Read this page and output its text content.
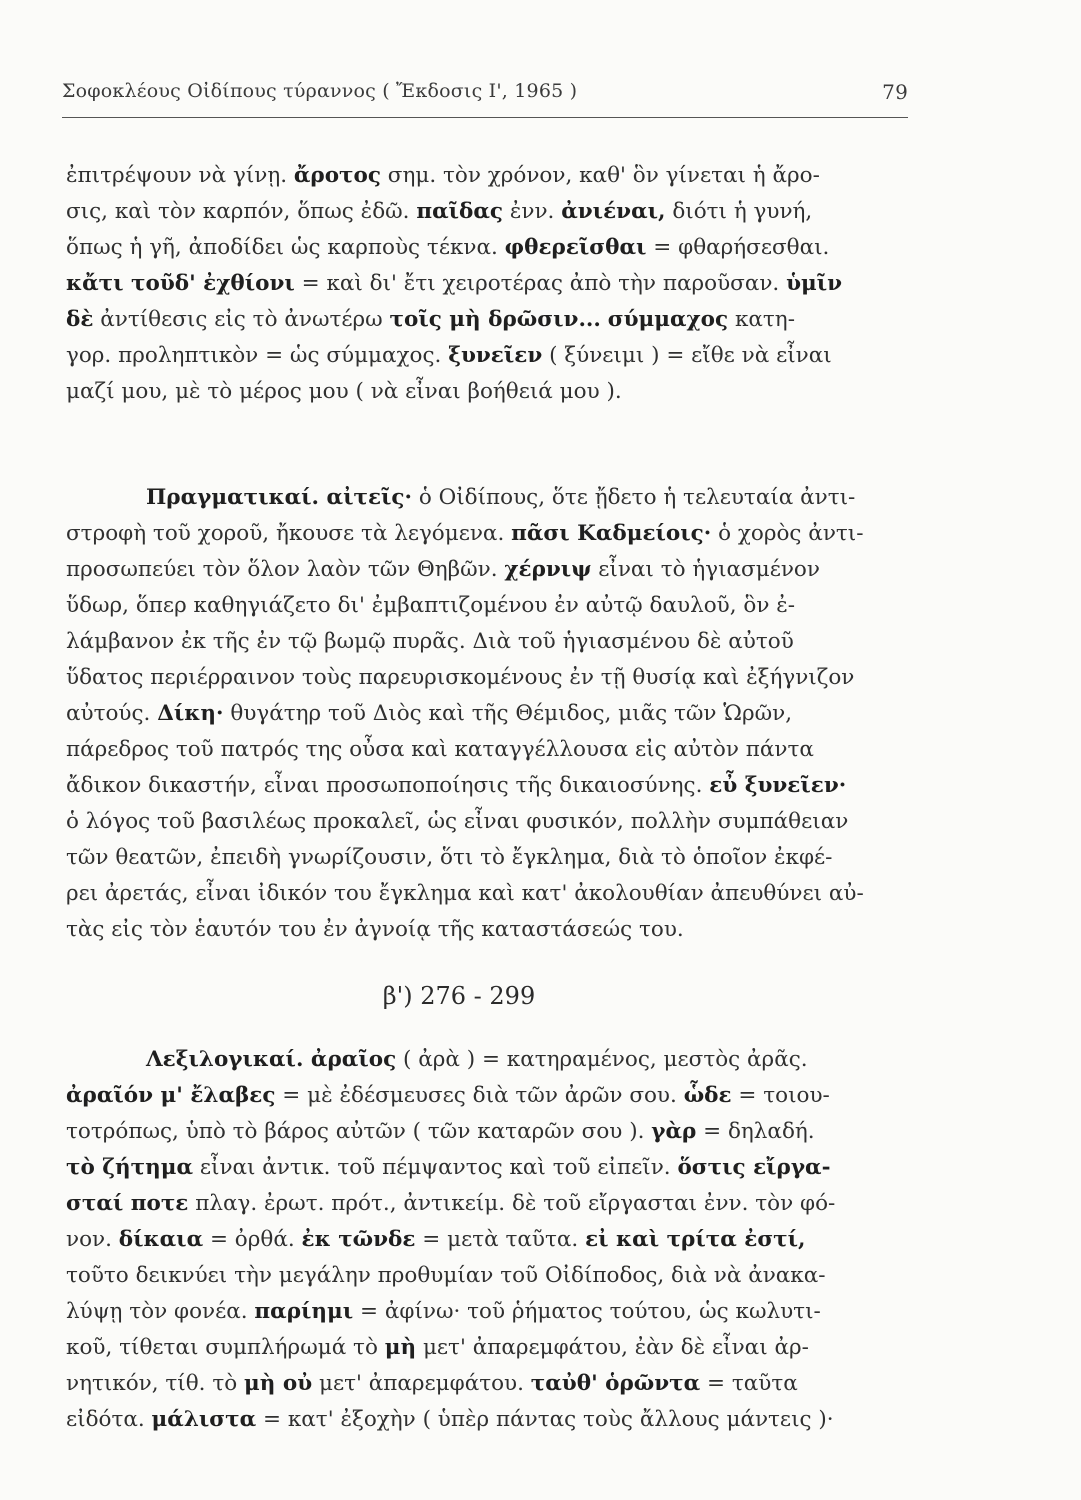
Σοφοκλέους Οἰδίπους τύραννος ( Ἔκδοσις Ι', 1965 )	79
ἐπιτρέψουν νὰ γίνῃ. ἄροτος σημ. τὸν χρόνον, καθ' ὃν γίνεται ἡ ἄρο-
σις, καὶ τὸν καρπόν, ὅπως ἐδῶ. παῖδας ἐνν. ἀνιέναι, διότι ἡ γυνή,
ὅπως ἡ γῆ, ἀποδίδει ὡς καρποὺς τέκνα. φθερεῖσθαι = φθαρήσεσθαι.
κἄτι τοῦδ' ἐχθίονι = καὶ δι' ἔτι χειροτέρας ἀπὸ τὴν παροῦσαν. ὑμῖν
δὲ ἀντίθεσις εἰς τὸ ἀνωτέρω τοῖς μὴ δρῶσιν... σύμμαχος κατη-
γορ. προληπτικὸν = ὡς σύμμαχος. ξυνεῖεν ( ξύνειμι ) = εἴθε νὰ εἶναι
μαζί μου, μὲ τὸ μέρος μου ( νὰ εἶναι βοήθειά μου ).
Πραγματικαί. αἰτεῖς· ὁ Οἰδίπους, ὅτε ᾔδετο ἡ τελευταία ἀντι-
στροφὴ τοῦ χοροῦ, ἤκουσε τὰ λεγόμενα. πᾶσι Καδμείοις· ὁ χορὸς ἀντι-
προσωπεύει τὸν ὅλον λαὸν τῶν Θηβῶν. χέρνιψ εἶναι τὸ ἡγιασμένον
ὕδωρ, ὅπερ καθηγιάζετο δι' ἐμβαπτιζομένου ἐν αὐτῷ δαυλοῦ, ὃν ἐ-
λάμβανον ἐκ τῆς ἐν τῷ βωμῷ πυρᾶς. Διὰ τοῦ ἡγιασμένου δὲ αὐτοῦ
ὕδατος περιέρραινον τοὺς παρευρισκομένους ἐν τῇ θυσίᾳ καὶ ἐξήγνιζον
αὐτούς. Δίκη· θυγάτηρ τοῦ Διὸς καὶ τῆς Θέμιδος, μιᾶς τῶν Ὡρῶν,
πάρεδρος τοῦ πατρός της οὖσα καὶ καταγγέλλουσα εἰς αὐτὸν πάντα
ἄδικον δικαστήν, εἶναι προσωποποίησις τῆς δικαιοσύνης. εὖ ξυνεῖεν·
ὁ λόγος τοῦ βασιλέως προκαλεῖ, ὡς εἶναι φυσικόν, πολλὴν συμπάθειαν
τῶν θεατῶν, ἐπειδὴ γνωρίζουσιν, ὅτι τὸ ἔγκλημα, διὰ τὸ ὁποῖον ἐκφέ-
ρει ἀρετάς, εἶναι ἰδικόν του ἔγκλημα καὶ κατ' ἀκολουθίαν ἀπευθύνει αὐ-
τὰς εἰς τὸν ἑαυτόν του ἐν ἀγνοίᾳ τῆς καταστάσεώς του.
β') 276 - 299
Λεξιλογικαί. ἀραῖος ( ἀρὰ ) = κατηραμένος, μεστὸς ἀρᾶς.
ἀραῖόν μ' ἔλαβες = μὲ ἐδέσμευσες διὰ τῶν ἀρῶν σου. ὧδε = τοιου-
τοτρόπως, ὑπὸ τὸ βάρος αὐτῶν ( τῶν καταρῶν σου ). γὰρ = δηλαδή.
τὸ ζήτημα εἶναι ἀντικ. τοῦ πέμψαντος καὶ τοῦ εἰπεῖν. ὅστις εἴργα-
σταί ποτε πλαγ. ἐρωτ. πρότ., ἀντικείμ. δὲ τοῦ εἴργασται ἐνν. τὸν φό-
νον. δίκαια = ὀρθά. ἐκ τῶνδε = μετὰ ταῦτα. εἰ καὶ τρίτα ἐστί,
τοῦτο δεικνύει τὴν μεγάλην προθυμίαν τοῦ Οἰδίποδος, διὰ νὰ ἀνακα-
λύψῃ τὸν φονέα. παρίημι = ἀφίνω· τοῦ ῥήματος τούτου, ὡς κωλυτι-
κοῦ, τίθεται συμπλήρωμά τὸ μὴ μετ' ἀπαρεμφάτου, ἐὰν δὲ εἶναι ἀρ-
νητικόν, τίθ. τὸ μὴ οὐ μετ' ἀπαρεμφάτου. ταὐθ' ὁρῶντα = ταῦτα
εἰδότα. μάλιστα = κατ' ἐξοχὴν ( ὑπὲρ πάντας τοὺς ἄλλους μάντεις )·
